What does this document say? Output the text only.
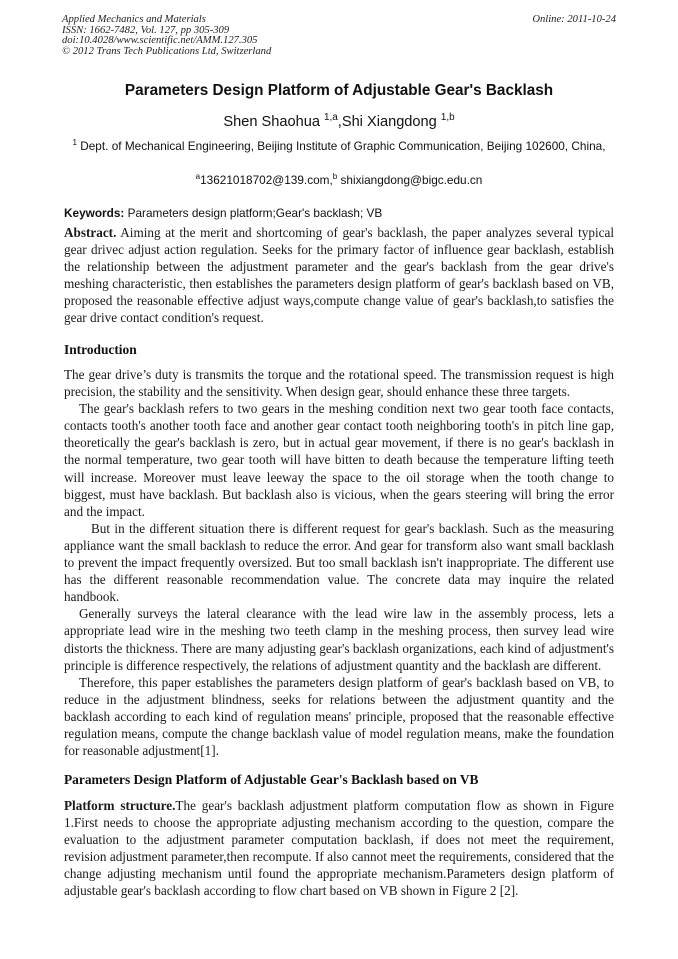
Applied Mechanics and Materials
ISSN: 1662-7482, Vol. 127, pp 305-309
doi:10.4028/www.scientific.net/AMM.127.305
© 2012 Trans Tech Publications Ltd, Switzerland
Online: 2011-10-24
Parameters Design Platform of Adjustable Gear's Backlash
Shen Shaohua $^{1,a}$,Shi Xiangdong $^{1,b}$
$^1$ Dept. of Mechanical Engineering, Beijing Institute of Graphic Communication, Beijing 102600, China,
$^a$13621018702@139.com,$^b$ shixiangdong@bigc.edu.cn
Keywords: Parameters design platform;Gear's backlash; VB

Abstract. Aiming at the merit and shortcoming of gear's backlash, the paper analyzes several typical gear drivec adjust action regulation. Seeks for the primary factor of influence gear backlash, establish the relationship between the adjustment parameter and the gear's backlash from the gear drive's meshing characteristic, then establishes the parameters design platform of gear's backlash based on VB, proposed the reasonable effective adjust ways,compute change value of gear's backlash,to satisfies the gear drive contact condition's request.

Introduction

The gear drive’s duty is transmits the torque and the rotational speed. The transmission request is high precision, the stability and the sensitivity. When design gear, should enhance these three targets.

The gear's backlash refers to two gears in the meshing condition next two gear tooth face contacts, contacts tooth's another tooth face and another gear contact tooth neighboring tooth's in pitch line gap, theoretically the gear's backlash is zero, but in actual gear movement, if there is no gear's backlash in the normal temperature, two gear tooth will have bitten to death because the temperature lifting teeth will increase. Moreover must leave leeway the space to the oil storage when the tooth change to biggest, must have backlash. But backlash also is vicious, when the gears steering will bring the error and the impact.

But in the different situation there is different request for gear's backlash. Such as the measuring appliance want the small backlash to reduce the error. And gear for transform also want small backlash to prevent the impact frequently oversized. But too small backlash isn't inappropriate. The different use has the different reasonable recommendation value. The concrete data may inquire the related handbook.

Generally surveys the lateral clearance with the lead wire law in the assembly process, lets a appropriate lead wire in the meshing two teeth clamp in the meshing process, then survey lead wire distorts the thickness. There are many adjusting gear's backlash organizations, each kind of adjustment's principle is difference respectively, the relations of adjustment quantity and the backlash are different.

Therefore, this paper establishes the parameters design platform of gear's backlash based on VB, to reduce in the adjustment blindness, seeks for relations between the adjustment quantity and the backlash according to each kind of regulation means' principle, proposed that the reasonable effective regulation means, compute the change backlash value of model regulation means, make the foundation for reasonable adjustment[1].

Parameters Design Platform of Adjustable Gear's Backlash based on VB

Platform structure.The gear's backlash adjustment platform computation flow as shown in Figure 1.First needs to choose the appropriate adjusting mechanism according to the question, compare the evaluation to the adjustment parameter computation backlash, if does not meet the requirement, revision adjustment parameter,then recompute. If also cannot meet the requirements, considered that the change adjusting mechanism until found the appropriate mechanism.Parameters design platform of adjustable gear's backlash according to flow chart based on VB shown in Figure 2 [2].
